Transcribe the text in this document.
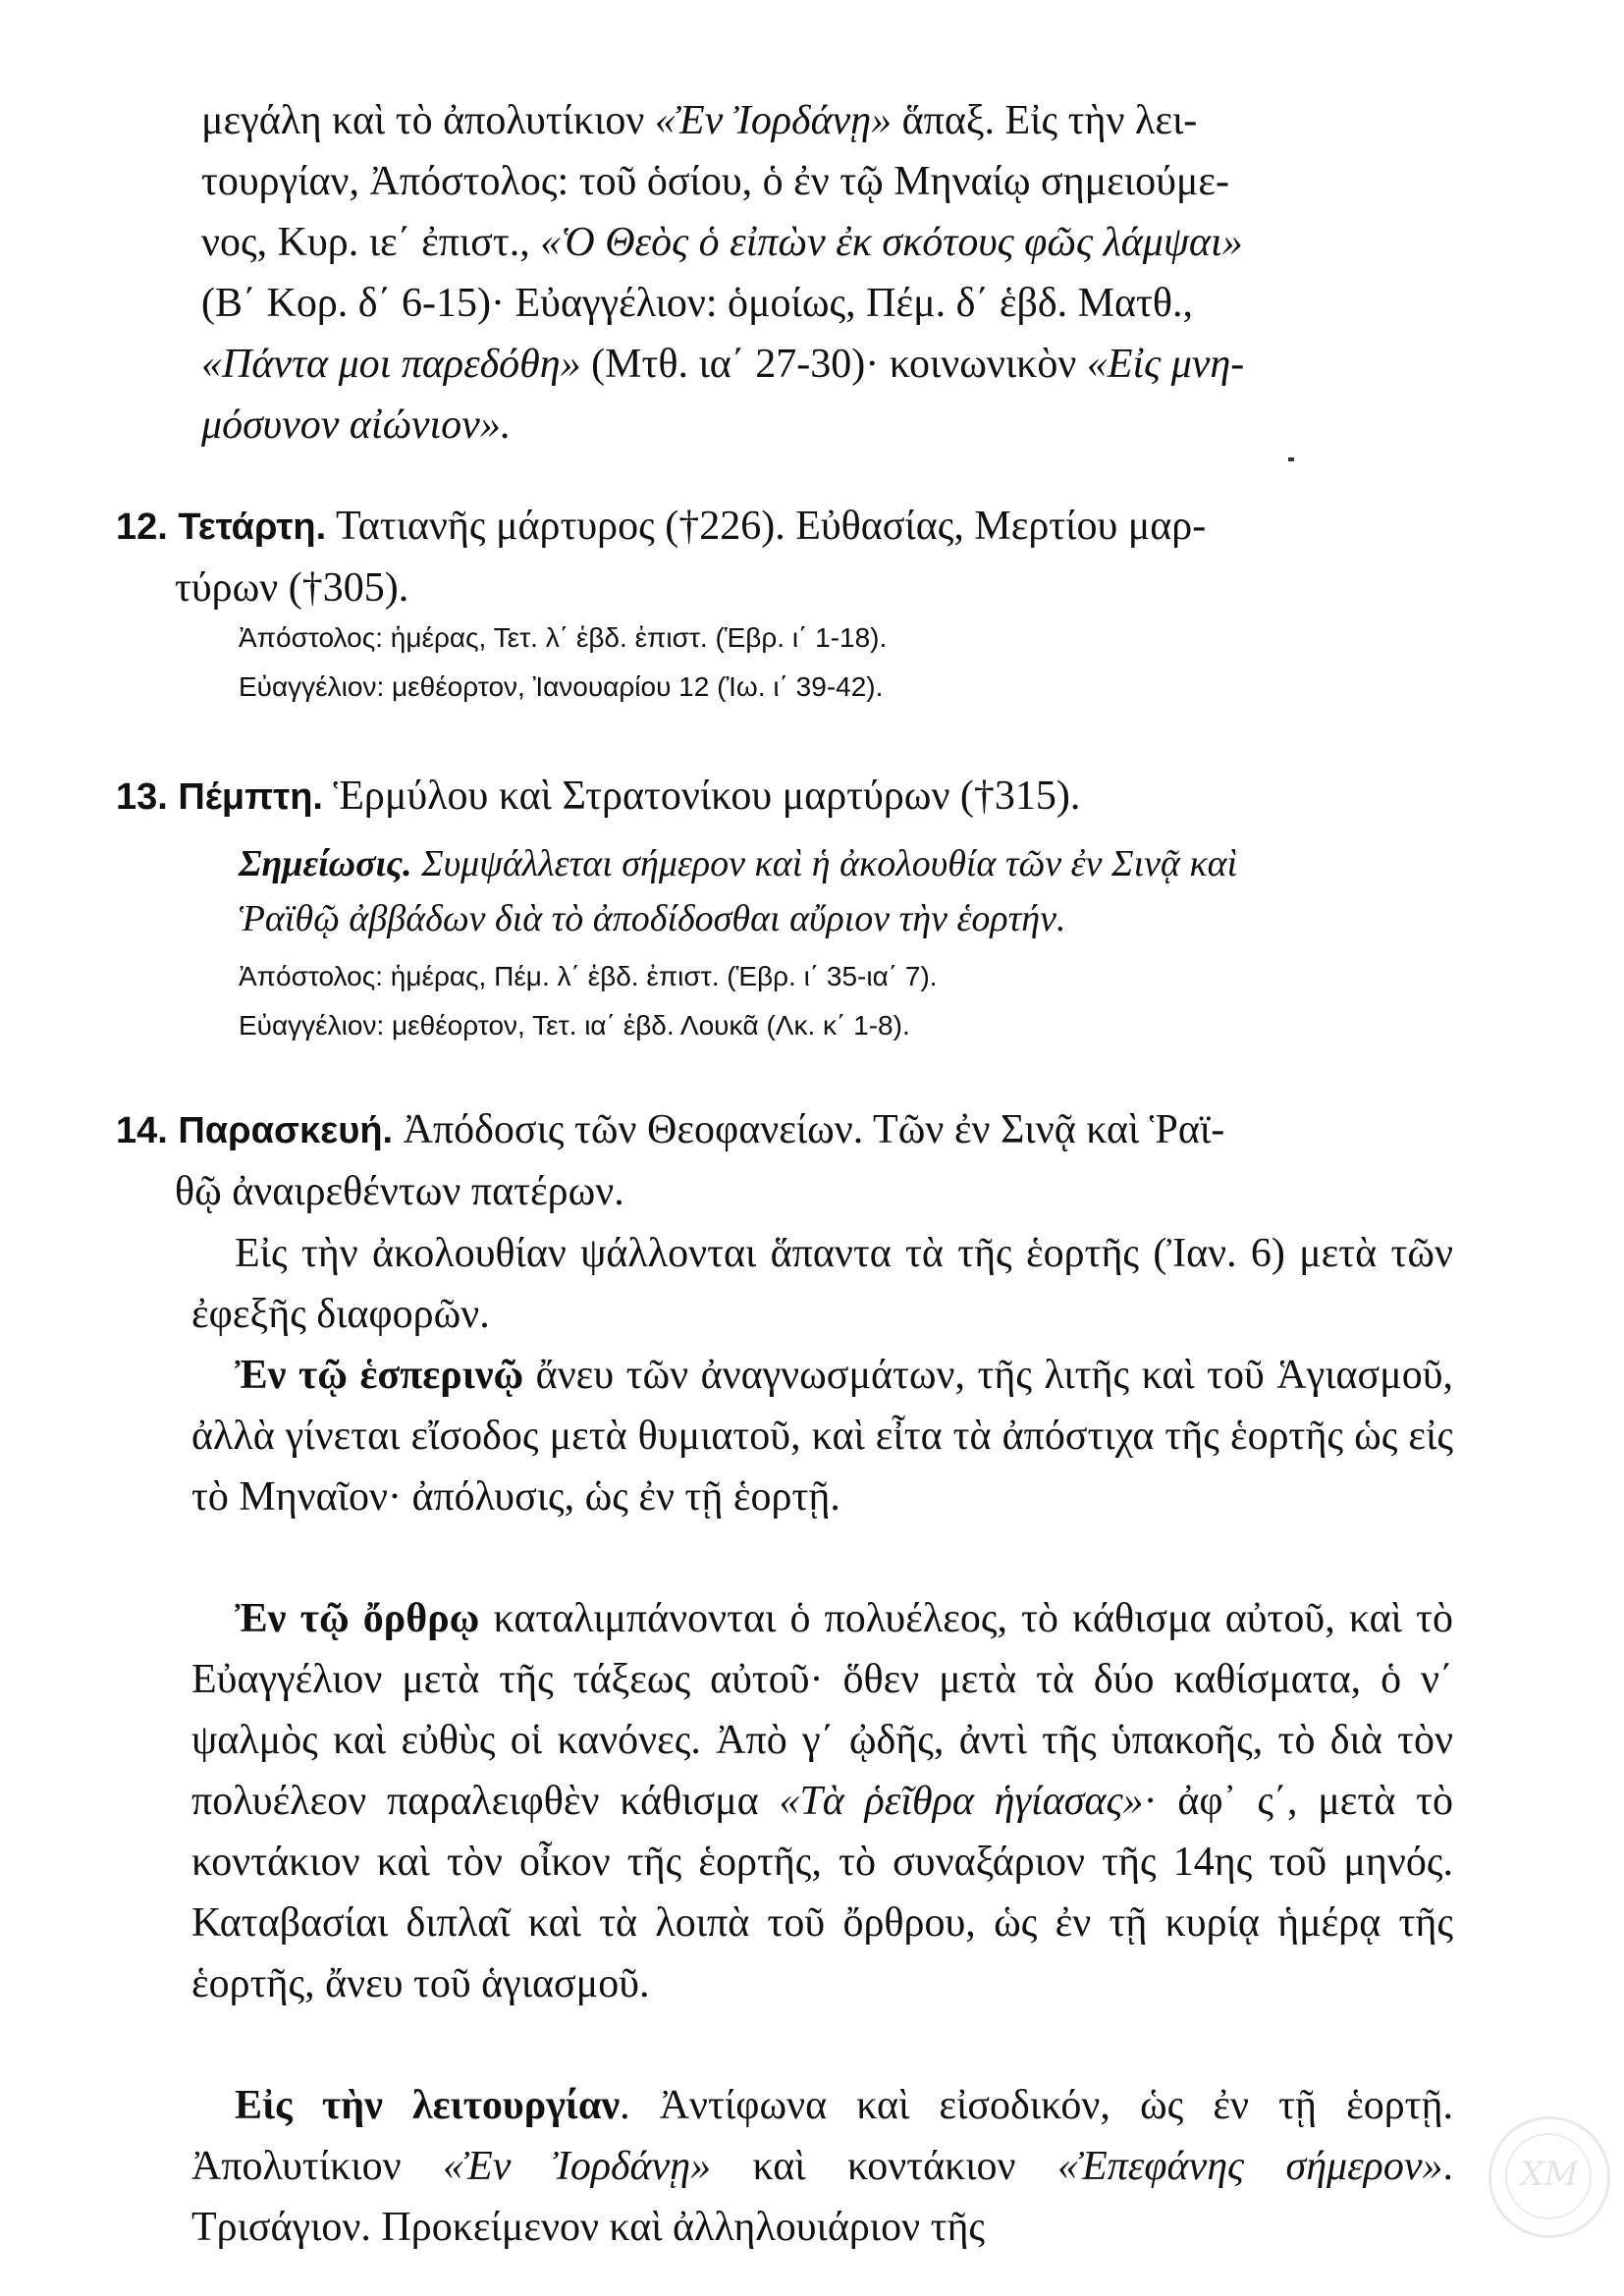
μεγάλη καὶ τὸ ἀπολυτίκιον «Ἐν Ἰορδάνῃ» ἅπαξ. Εἰς τὴν λει-
τουργίαν, Ἀπόστολος: τοῦ ὁσίου, ὁ ἐν τῷ Μηναίῳ σημειούμε-
νος, Κυρ. ιε΄ ἐπιστ., «Ὁ Θεὸς ὁ εἰπὼν ἐκ σκότους φῶς λάμψαι»
(Β΄ Κορ. δ΄ 6-15)· Εὐαγγέλιον: ὁμοίως, Πέμ. δ΄ ἑβδ. Ματθ.,
«Πάντα μοι παρεδόθη» (Μτθ. ια΄ 27-30)· κοινωνικὸν «Εἰς μνη-
μόσυνον αἰώνιον».
12. Τετάρτη. Τατιανῆς μάρτυρος (†226). Εὐθασίας, Μερτίου μαρ-
τύρων (†305).
Ἀπόστολος: ἡμέρας, Τετ. λ΄ ἑβδ. ἐπιστ. (Ἑβρ. ι΄ 1-18).
Εὐαγγέλιον: μεθέορτον, Ἰανουαρίου 12 (Ἰω. ι΄ 39-42).
13. Πέμπτη. Ἑρμύλου καὶ Στρατονίκου μαρτύρων (†315).
Σημείωσις. Συμψάλλεται σήμερον καὶ ἡ ἀκολουθία τῶν ἐν Σινᾷ καὶ
Ῥαϊθῷ ἀββάδων διὰ τὸ ἀποδίδοσθαι αὔριον τὴν ἑορτήν.
Ἀπόστολος: ἡμέρας, Πέμ. λ΄ ἑβδ. ἐπιστ. (Ἑβρ. ι΄ 35-ια΄ 7).
Εὐαγγέλιον: μεθέορτον, Τετ. ια΄ ἑβδ. Λουκᾶ (Λκ. κ΄ 1-8).
14. Παρασκευή. Ἀπόδοσις τῶν Θεοφανείων. Τῶν ἐν Σινᾷ καὶ Ῥαϊ-
θῷ ἀναιρεθέντων πατέρων.
Εἰς τὴν ἀκολουθίαν ψάλλονται ἅπαντα τὰ τῆς ἑορτῆς (Ἰαν. 6) μετὰ τῶν ἐφεξῆς διαφορῶν.
Ἐν τῷ ἑσπερινῷ ἄνευ τῶν ἀναγνωσμάτων, τῆς λιτῆς καὶ τοῦ Ἁγιασμοῦ, ἀλλὰ γίνεται εἴσοδος μετὰ θυμιατοῦ, καὶ εἶτα τὰ ἀπόστιχα τῆς ἑορτῆς ὡς εἰς τὸ Μηναῖον· ἀπόλυσις, ὡς ἐν τῇ ἑορτῇ.
Ἐν τῷ ὄρθρῳ καταλιμπάνονται ὁ πολυέλεος, τὸ κάθισμα αὐτοῦ, καὶ τὸ Εὐαγγέλιον μετὰ τῆς τάξεως αὐτοῦ· ὅθεν μετὰ τὰ δύο καθίσματα, ὁ ν΄ ψαλμὸς καὶ εὐθὺς οἱ κανόνες. Ἀπὸ γ΄ ᾠδῆς, ἀντὶ τῆς ὑπακοῆς, τὸ διὰ τὸν πολυέλεον παραλειφθὲν κάθισμα «Τὰ ῥεῖθρα ἡγίασας»· ἀφ᾽ ς΄, μετὰ τὸ κοντάκιον καὶ τὸν οἶκον τῆς ἑορτῆς, τὸ συναξάριον τῆς 14ης τοῦ μηνός. Καταβασίαι διπλαῖ καὶ τὰ λοιπὰ τοῦ ὄρθρου, ὡς ἐν τῇ κυρίᾳ ἡμέρᾳ τῆς ἑορτῆς, ἄνευ τοῦ ἁγιασμοῦ.
Εἰς τὴν λειτουργίαν. Ἀντίφωνα καὶ εἰσοδικόν, ὡς ἐν τῇ ἑορτῇ. Ἀπολυτίκιον «Ἐν Ἰορδάνῃ» καὶ κοντάκιον «Ἐπεφάνης σήμερον». Τρισάγιον. Προκείμενον καὶ ἀλληλουιάριον τῆς
ΧΜ
